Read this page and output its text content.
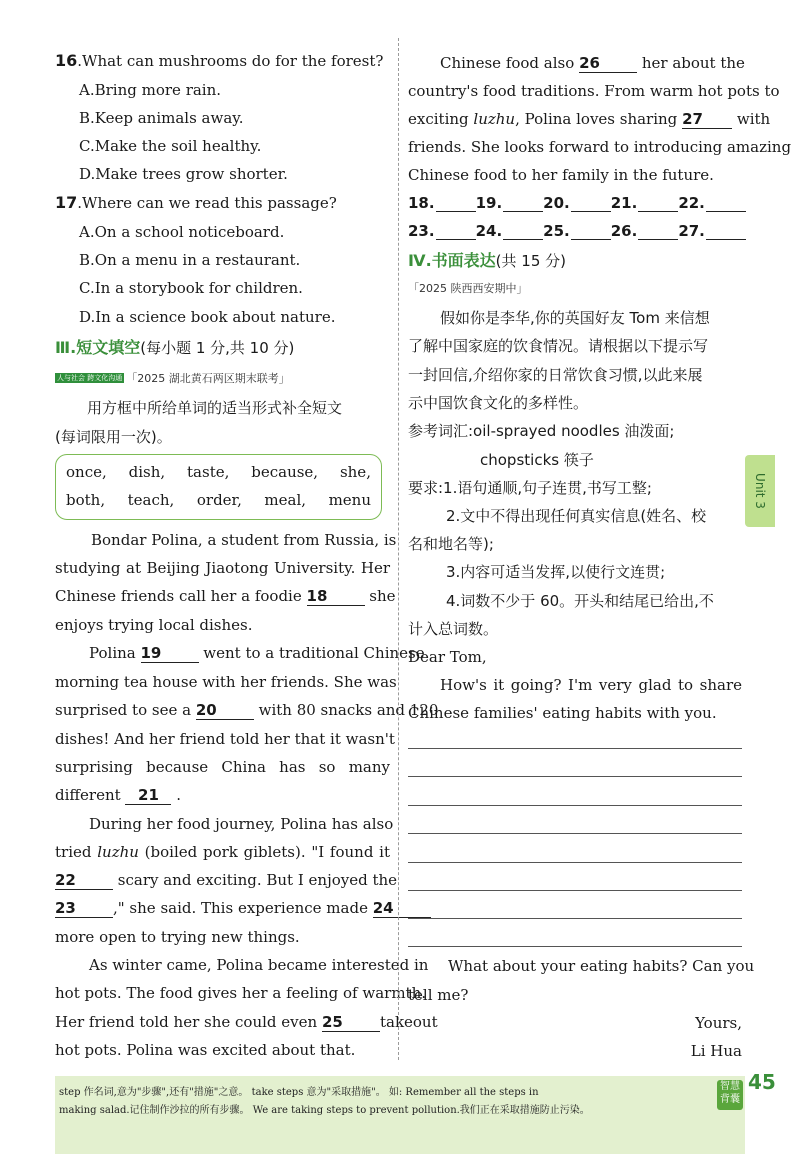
16.What can mushrooms do for the forest?
A.Bring more rain.
B.Keep animals away.
C.Make the soil healthy.
D.Make trees grow shorter.
17.Where can we read this passage?
A.On a school noticeboard.
B.On a menu in a restaurant.
C.In a storybook for children.
D.In a science book about nature.
Ⅲ.短文填空(每小题 1 分,共 10 分)
人与社会 跨文化沟通 「2025 湖北黄石两区期末联考」
用方框中所给单词的适当形式补全短文
(每词限用一次)。
once, dish, taste, because, she,
both, teach, order, meal, menu
Bondar Polina, a student from Russia, is
studying at Beijing Jiaotong University. Her
Chinese friends call her a foodie 18	she
enjoys trying local dishes.
Polina 19	went to a traditional Chinese
morning tea house with her friends. She was
surprised to see a 20	with 80 snacks and 120
dishes! And her friend told her that it wasn't
surprising because China has so many
different 21 .
During her food journey, Polina has also
tried luzhu (boiled pork giblets). "I found it
22	scary and exciting. But I enjoyed the
23 ," she said. This experience made 24
more open to trying new things.
As winter came, Polina became interested in
hot pots. The food gives her a feeling of warmth.
Her friend told her she could even 25 takeout
hot pots. Polina was excited about that.
Chinese food also 26	her about the
country's food traditions. From warm hot pots to
exciting luzhu, Polina loves sharing 27 with
friends. She looks forward to introducing amazing
Chinese food to her family in the future.
18.	19.	20.	21.	22.
23.	24.	25.	26.	27.
Ⅳ.书面表达(共 15 分)
「2025 陕西西安期中」
假如你是李华,你的英国好友 Tom 来信想
了解中国家庭的饮食情况。请根据以下提示写
一封回信,介绍你家的日常饮食习惯,以此来展
示中国饮食文化的多样性。
参考词汇:oil-sprayed noodles 油泼面;
chopsticks 筷子
要求:1.语句通顺,句子连贯,书写工整;
2.文中不得出现任何真实信息(姓名、校
名和地名等);
3.内容可适当发挥,以使行文连贯;
4.词数不少于 60。开头和结尾已给出,不
计入总词数。
Dear Tom,
How's it going? I'm very glad to share
Chinese families' eating habits with you.
What about your eating habits? Can you
tell me?
Yours,
Li Hua
Unit 3
step 作名词,意为"步骤",还有"措施"之意。 take steps 意为"采取措施"。 如: Remember all the steps in
making salad.记住制作沙拉的所有步骤。 We are taking steps to prevent pollution.我们正在采取措施防止污染。
智慧 背囊
45
